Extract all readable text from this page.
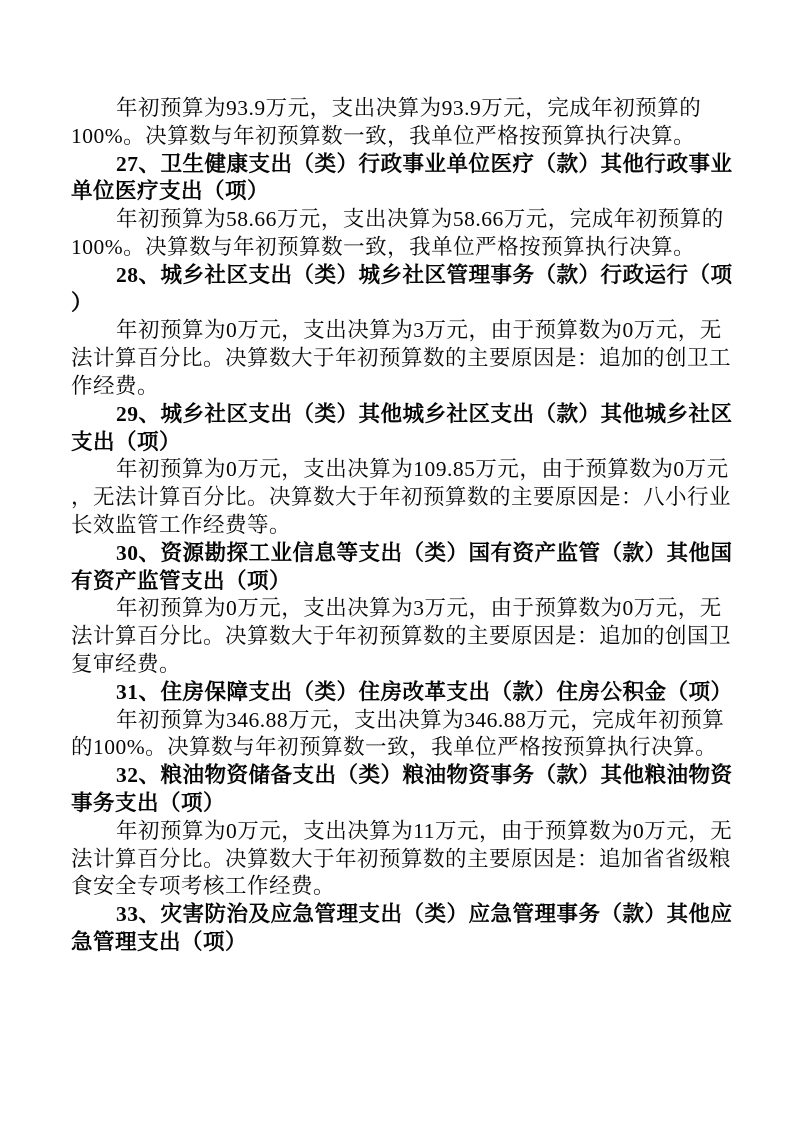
年初预算为93.9万元，支出决算为93.9万元，完成年初预算的
100%。决算数与年初预算数一致，我单位严格按预算执行决算。
27、卫生健康支出（类）行政事业单位医疗（款）其他行政事业
单位医疗支出（项）
年初预算为58.66万元，支出决算为58.66万元，完成年初预算的
100%。决算数与年初预算数一致，我单位严格按预算执行决算。
28、城乡社区支出（类）城乡社区管理事务（款）行政运行（项
）
年初预算为0万元，支出决算为3万元，由于预算数为0万元，无
法计算百分比。决算数大于年初预算数的主要原因是：追加的创卫工
作经费。
29、城乡社区支出（类）其他城乡社区支出（款）其他城乡社区
支出（项）
年初预算为0万元，支出决算为109.85万元，由于预算数为0万元
，无法计算百分比。决算数大于年初预算数的主要原因是：八小行业
长效监管工作经费等。
30、资源勘探工业信息等支出（类）国有资产监管（款）其他国
有资产监管支出（项）
年初预算为0万元，支出决算为3万元，由于预算数为0万元，无
法计算百分比。决算数大于年初预算数的主要原因是：追加的创国卫
复审经费。
31、住房保障支出（类）住房改革支出（款）住房公积金（项）
年初预算为346.88万元，支出决算为346.88万元，完成年初预算
的100%。决算数与年初预算数一致，我单位严格按预算执行决算。
32、粮油物资储备支出（类）粮油物资事务（款）其他粮油物资
事务支出（项）
年初预算为0万元，支出决算为11万元，由于预算数为0万元，无
法计算百分比。决算数大于年初预算数的主要原因是：追加省省级粮
食安全专项考核工作经费。
33、灾害防治及应急管理支出（类）应急管理事务（款）其他应
急管理支出（项）
